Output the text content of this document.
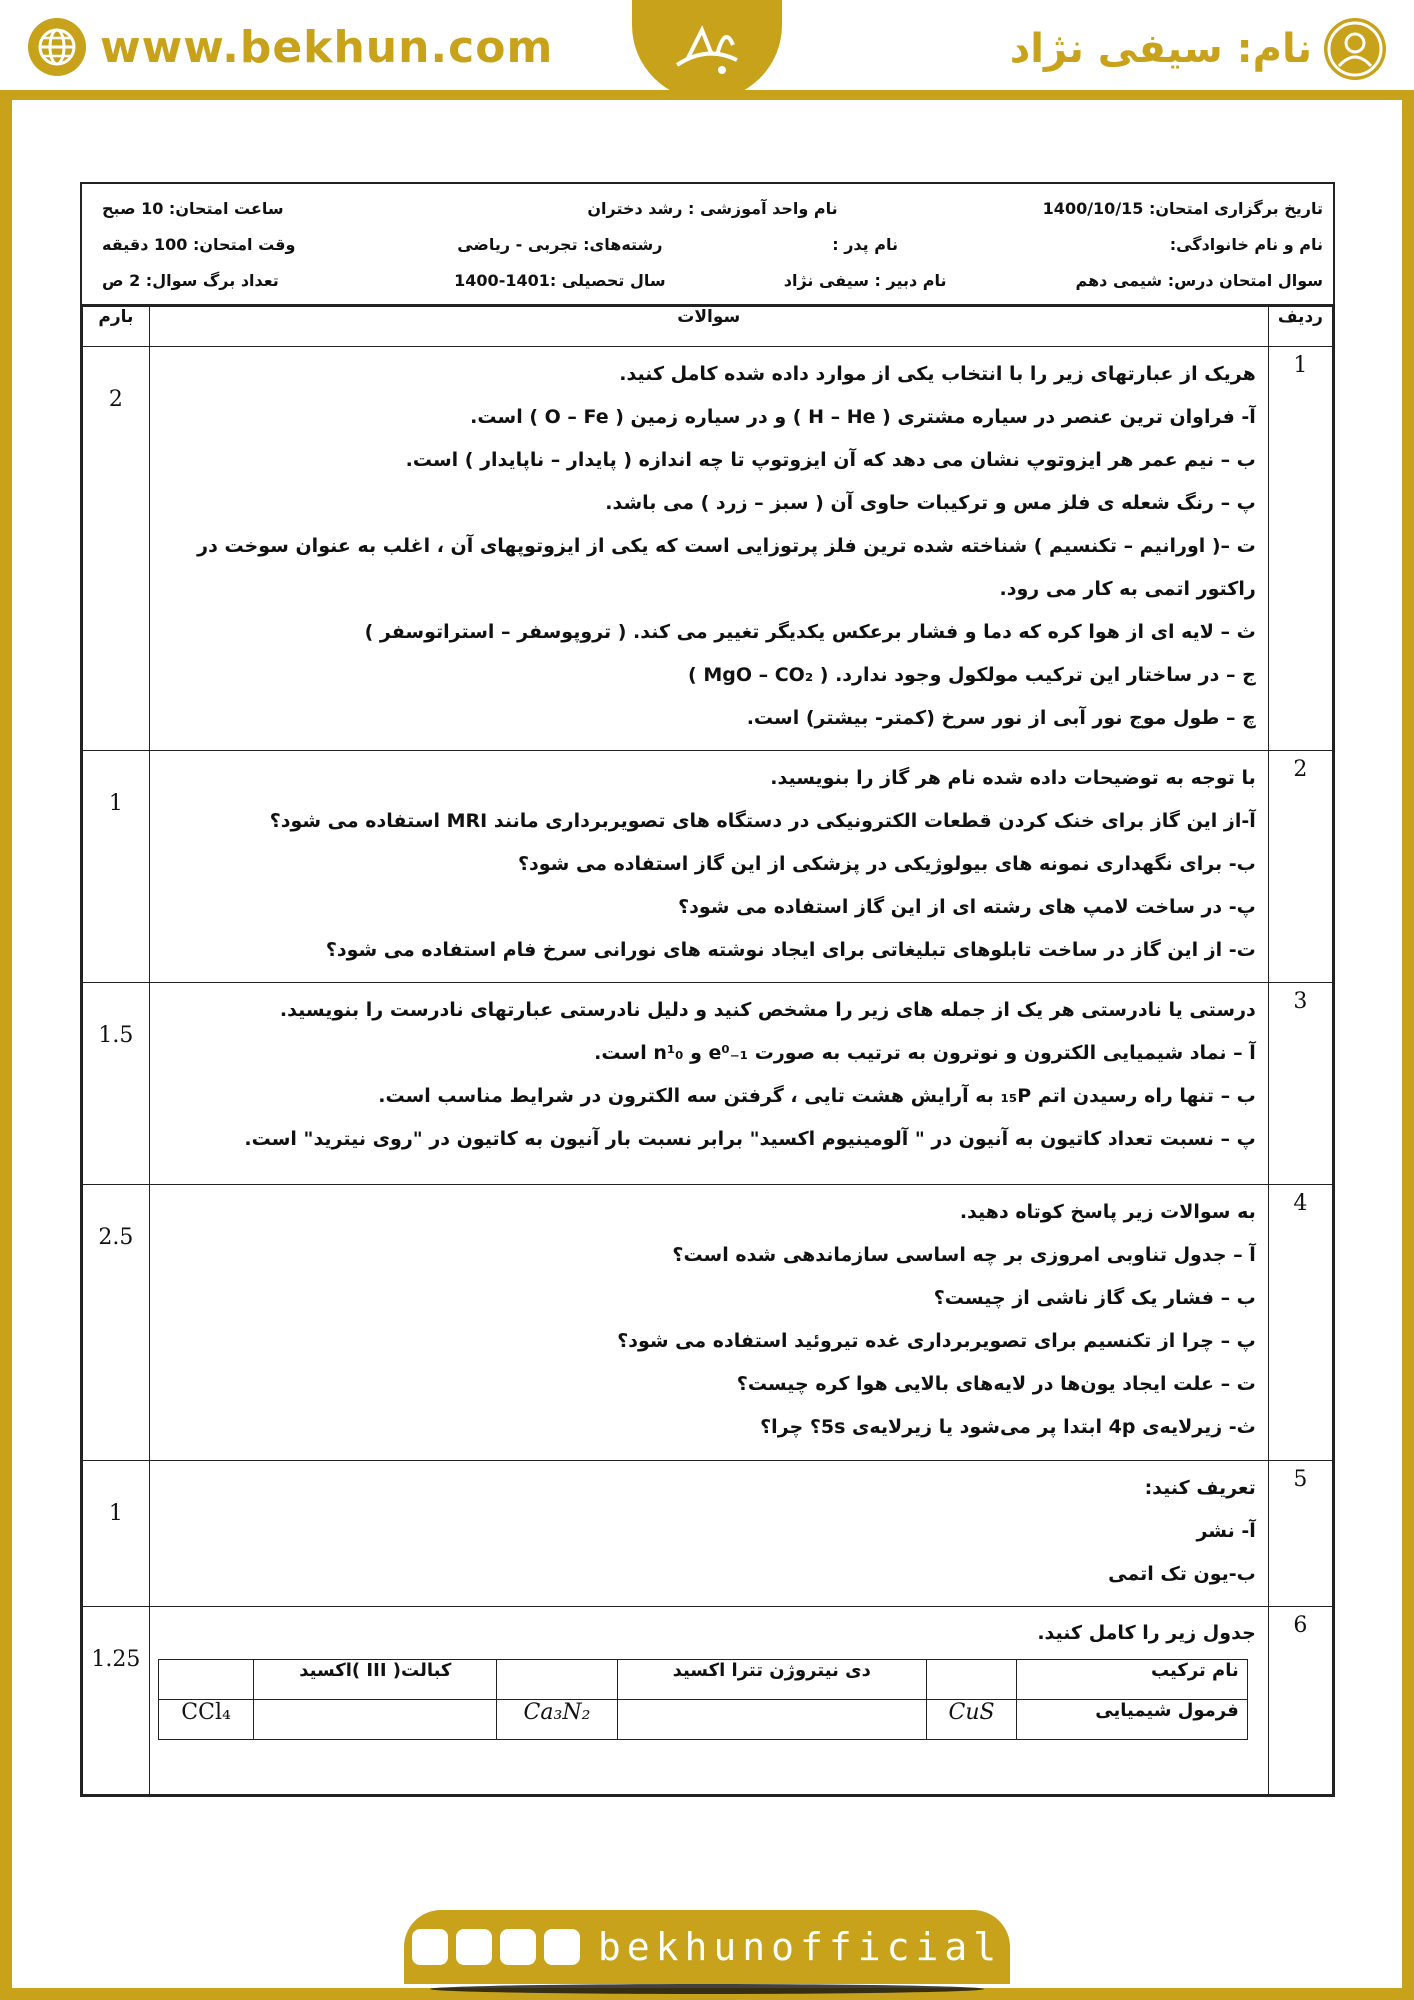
www.bekhun.com	نام: سیفی نژاد
تاریخ برگزاری امتحان: 1400/10/15
نام واحد آموزشی : رشد دختران
ساعت امتحان: 10 صبح
نام و نام خانوادگی:
نام پدر :
رشته‌های: تجربی - ریاضی
وقت امتحان: 100 دقیقه
سوال امتحان درس: شیمی دهم
نام دبیر : سیفی نژاد
سال تحصیلی :1401-1400
تعداد برگ سوال: 2 ص
ردیف	سوالات	بارم
1	
هریک از عبارتهای زیر را با انتخاب یکی از موارد داده شده کامل کنید.
آ- فراوان ترین عنصر در سیاره مشتری ( H – He ) و در سیاره زمین ( O – Fe ) است.
ب – نیم عمر هر ایزوتوپ نشان می دهد که آن ایزوتوپ تا چه اندازه ( پایدار – ناپایدار ) است.
پ – رنگ شعله ی فلز مس و ترکیبات حاوی آن ( سبز – زرد ) می باشد.
ت –( اورانیم – تکنسیم ) شناخته شده ترین فلز پرتوزایی است که یکی از ایزوتوپهای آن ، اغلب به عنوان سوخت در
راکتور اتمی به کار می رود.
ث – لایه ای از هوا کره که دما و فشار برعکس یکدیگر تغییر می کند. ( تروپوسفر – استراتوسفر )
ج – در ساختار این ترکیب مولکول وجود ندارد. ( MgO – CO₂ )
چ – طول موج نور آبی از نور سرخ (کمتر- بیشتر) است.
	2
2	
با توجه به توضیحات داده شده نام هر گاز را بنویسید.
آ-از این گاز برای خنک کردن قطعات الکترونیکی در دستگاه های تصویربرداری مانند MRI استفاده می شود؟
ب- برای نگهداری نمونه های بیولوژیکی در پزشکی از این گاز استفاده می شود؟
پ- در ساخت لامپ های رشته ای از این گاز استفاده می شود؟
ت- از این گاز در ساخت تابلوهای تبلیغاتی برای ایجاد نوشته های نورانی سرخ فام استفاده می شود؟
	1
3	
درستی یا نادرستی هر یک از جمله های زیر را مشخص کنید و دلیل نادرستی عبارتهای نادرست را بنویسید.
آ – نماد شیمیایی الکترون و نوترون به ترتیب به صورت e⁰₋₁ و n¹₀ است.
ب – تنها راه رسیدن اتم ₁₅P به آرایش هشت تایی ، گرفتن سه الکترون در شرایط مناسب است.
پ – نسبت تعداد کاتیون به آنیون در " آلومینیوم اکسید" برابر نسبت بار آنیون به کاتیون در "روی نیترید" است.
	1.5
4	
به سوالات زیر پاسخ کوتاه دهید.
آ – جدول تناوبی امروزی بر چه اساسی سازماندهی شده است؟
ب – فشار یک گاز ناشی از چیست؟
پ – چرا از تکنسیم برای تصویربرداری غده تیروئید استفاده می شود؟
ت – علت ایجاد یون‌ها در لایه‌های بالایی هوا کره چیست؟
ث- زیرلایه‌ی 4p ابتدا پر می‌شود یا زیرلایه‌ی 5s؟ چرا؟
	2.5
5	
تعریف کنید:
آ- نشر
ب-یون تک اتمی
	1
6	
جدول زیر را کامل کنید.
نام ترکیب		دی نیتروژن تترا اکسید		کبالت( III )اکسید	
فرمول شیمیایی	CuS		Ca₃N₂		CCl₄
	1.25
bekhunofficial
